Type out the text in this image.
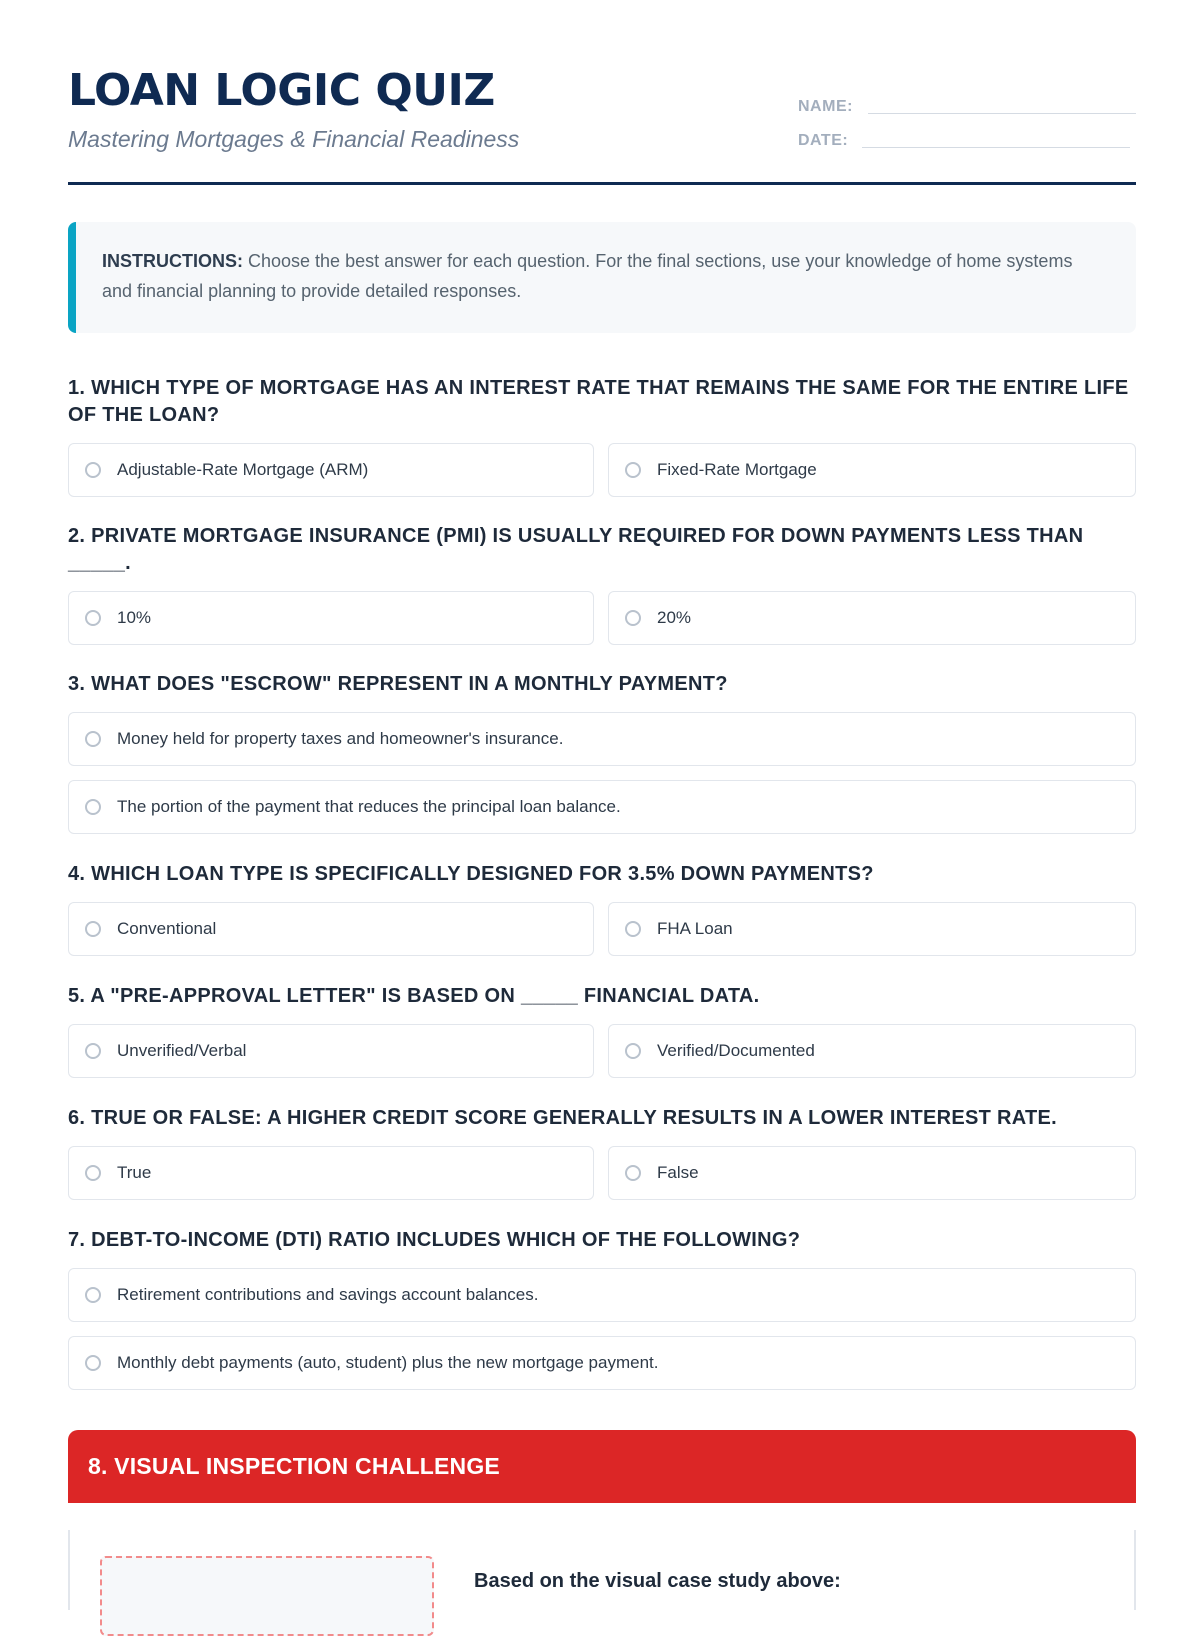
LOAN LOGIC QUIZ
Mastering Mortgages & Financial Readiness
NAME:
DATE:
INSTRUCTIONS: Choose the best answer for each question. For the final sections, use your knowledge of home systems and financial planning to provide detailed responses.
1. WHICH TYPE OF MORTGAGE HAS AN INTEREST RATE THAT REMAINS THE SAME FOR THE ENTIRE LIFE OF THE LOAN?
Adjustable-Rate Mortgage (ARM)	Fixed-Rate Mortgage
2. PRIVATE MORTGAGE INSURANCE (PMI) IS USUALLY REQUIRED FOR DOWN PAYMENTS LESS THAN _____.
10%	20%
3. WHAT DOES "ESCROW" REPRESENT IN A MONTHLY PAYMENT?
Money held for property taxes and homeowner's insurance.
The portion of the payment that reduces the principal loan balance.
4. WHICH LOAN TYPE IS SPECIFICALLY DESIGNED FOR 3.5% DOWN PAYMENTS?
Conventional	FHA Loan
5. A "PRE-APPROVAL LETTER" IS BASED ON _____ FINANCIAL DATA.
Unverified/Verbal	Verified/Documented
6. TRUE OR FALSE: A HIGHER CREDIT SCORE GENERALLY RESULTS IN A LOWER INTEREST RATE.
True	False
7. DEBT-TO-INCOME (DTI) RATIO INCLUDES WHICH OF THE FOLLOWING?
Retirement contributions and savings account balances.
Monthly debt payments (auto, student) plus the new mortgage payment.
8. VISUAL INSPECTION CHALLENGE
Based on the visual case study above:
